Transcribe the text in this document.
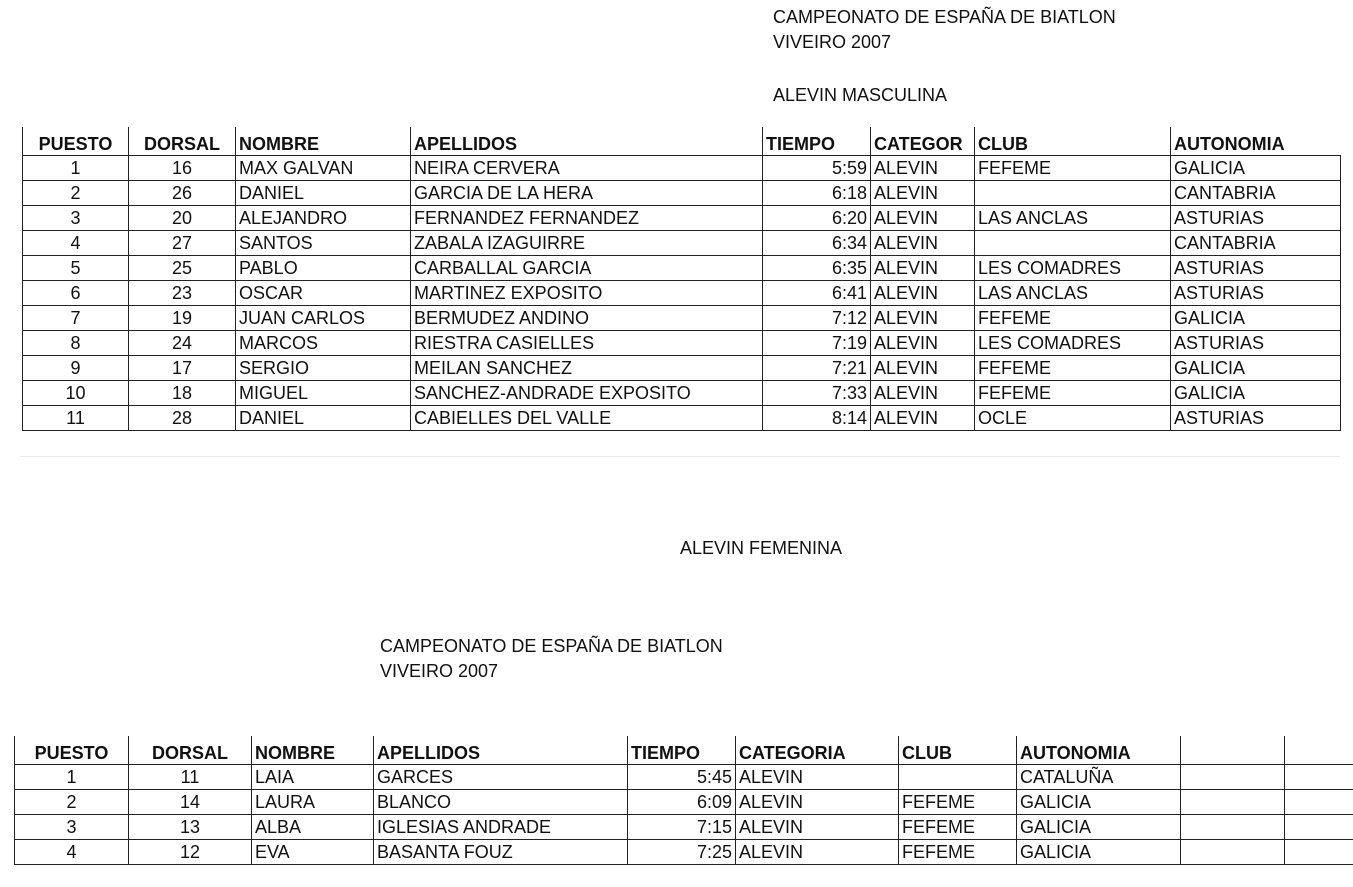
CAMPEONATO DE ESPAÑA DE BIATLON
VIVEIRO 2007
ALEVIN MASCULINA
PUESTO	DORSAL	NOMBRE	APELLIDOS	TIEMPO	CATEGOR	CLUB	AUTONOMIA
1	16	MAX GALVAN	NEIRA CERVERA	5:59	ALEVIN	FEFEME	GALICIA
2	26	DANIEL	GARCIA DE LA HERA	6:18	ALEVIN		CANTABRIA
3	20	ALEJANDRO	FERNANDEZ FERNANDEZ	6:20	ALEVIN	LAS ANCLAS	ASTURIAS
4	27	SANTOS	ZABALA IZAGUIRRE	6:34	ALEVIN		CANTABRIA
5	25	PABLO	CARBALLAL GARCIA	6:35	ALEVIN	LES COMADRES	ASTURIAS
6	23	OSCAR	MARTINEZ EXPOSITO	6:41	ALEVIN	LAS ANCLAS	ASTURIAS
7	19	JUAN CARLOS	BERMUDEZ ANDINO	7:12	ALEVIN	FEFEME	GALICIA
8	24	MARCOS	RIESTRA CASIELLES	7:19	ALEVIN	LES COMADRES	ASTURIAS
9	17	SERGIO	MEILAN SANCHEZ	7:21	ALEVIN	FEFEME	GALICIA
10	18	MIGUEL	SANCHEZ-ANDRADE EXPOSITO	7:33	ALEVIN	FEFEME	GALICIA
11	28	DANIEL	CABIELLES DEL VALLE	8:14	ALEVIN	OCLE	ASTURIAS
ALEVIN FEMENINA
CAMPEONATO DE ESPAÑA DE BIATLON
VIVEIRO 2007
PUESTO	DORSAL	NOMBRE	APELLIDOS	TIEMPO	CATEGORIA	CLUB	AUTONOMIA		
1	11	LAIA	GARCES	5:45	ALEVIN		CATALUÑA		
2	14	LAURA	BLANCO	6:09	ALEVIN	FEFEME	GALICIA		
3	13	ALBA	IGLESIAS ANDRADE	7:15	ALEVIN	FEFEME	GALICIA		
4	12	EVA	BASANTA FOUZ	7:25	ALEVIN	FEFEME	GALICIA		
